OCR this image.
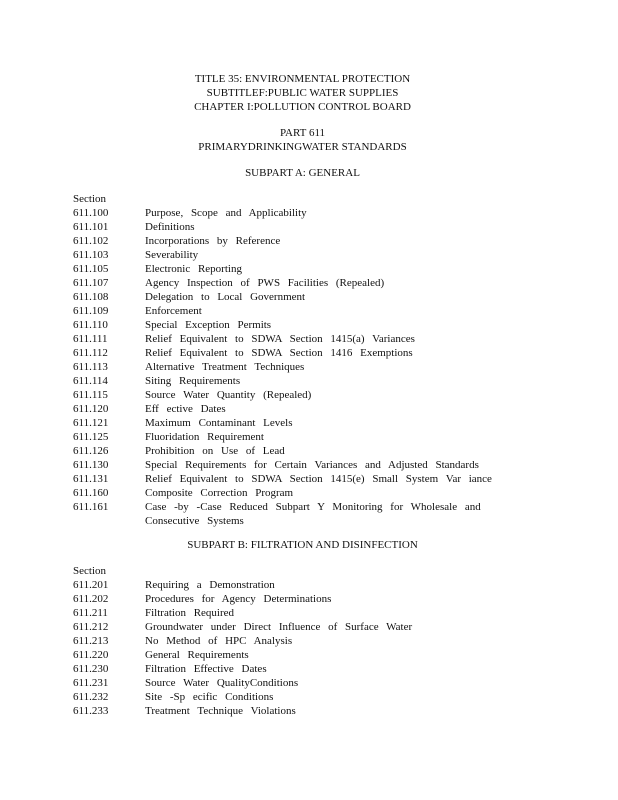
TITLE 35: ENVIRONMENTAL PROTECTION
SUBTITLEF:PUBLIC WATER SUPPLIES
CHAPTER I:POLLUTION CONTROL BOARD
PART 611
PRIMARYDRINKINGWATER STANDARDS
SUBPART A: GENERAL
Section
611.100	Purpose, Scope and Applicability
611.101	Definitions
611.102	Incorporations by Reference
611.103	Severability
611.105	Electronic Reporting
611.107	Agency Inspection of PWS Facilities (Repealed)
611.108	Delegation to Local Government
611.109	Enforcement
611.110	Special Exception Permits
611.111	Relief Equivalent to SDWA Section 1415(a) Variances
611.112	Relief Equivalent to SDWA Section 1416 Exemptions
611.113	Alternative Treatment Techniques
611.114	Siting Requirements
611.115	Source Water Quantity (Repealed)
611.120	Eff ective Dates
611.121	Maximum Contaminant Levels
611.125	Fluoridation Requirement
611.126	Prohibition on Use of Lead
611.130	Special Requirements for Certain Variances and Adjusted Standards
611.131	Relief Equivalent to SDWA Section 1415(e) Small System Var iance
611.160	Composite Correction Program
611.161	Case -by -Case Reduced Subpart Y Monitoring for Wholesale and Consecutive Systems
SUBPART B: FILTRATION AND DISINFECTION
Section
611.201	Requiring a Demonstration
611.202	Procedures for Agency Determinations
611.211	Filtration Required
611.212	Groundwater under Direct Influence of Surface Water
611.213	No Method of HPC Analysis
611.220	General Requirements
611.230	Filtration Effective Dates
611.231	Source Water QualityConditions
611.232	Site -Sp ecific Conditions
611.233	Treatment Technique Violations
